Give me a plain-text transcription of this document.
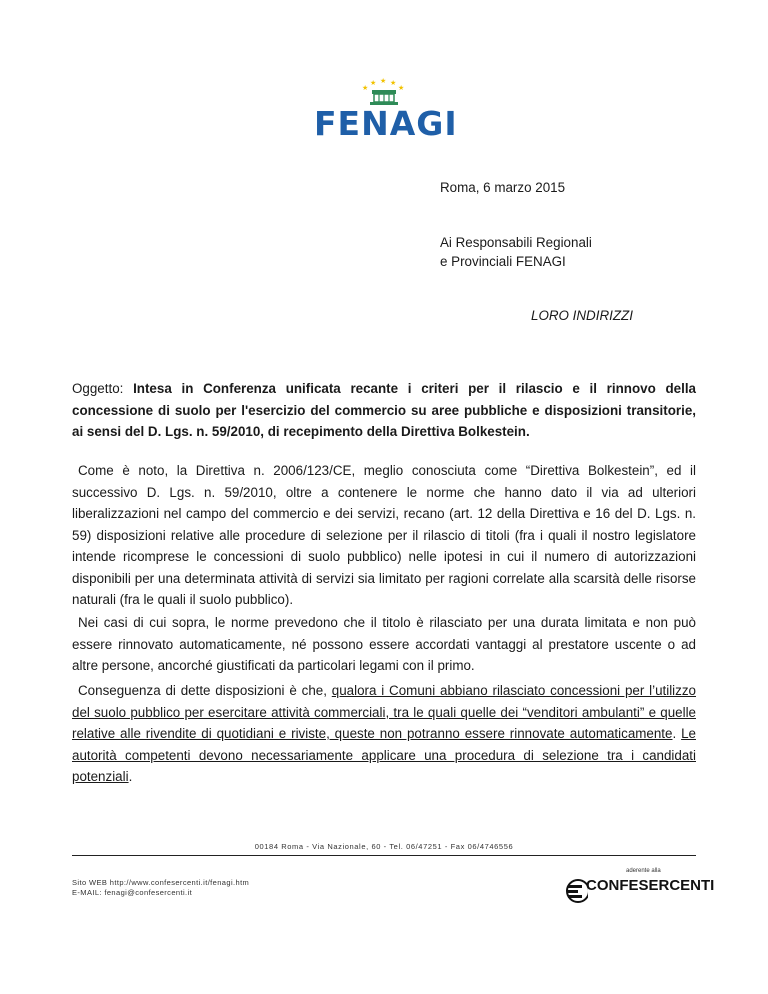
★
★ ★ ★
★
FENAGI
Roma, 6 marzo 2015
Ai Responsabili Regionali
e Provinciali FENAGI
LORO INDIRIZZI
Oggetto: Intesa in Conferenza unificata recante i criteri per il rilascio e il rinnovo della concessione di suolo per l'esercizio del commercio su aree pubbliche e disposizioni transitorie, ai sensi del D. Lgs. n. 59/2010, di recepimento della Direttiva Bolkestein.
Come è noto, la Direttiva n. 2006/123/CE, meglio conosciuta come “Direttiva Bolkestein”, ed il successivo D. Lgs. n. 59/2010, oltre a contenere le norme che hanno dato il via ad ulteriori liberalizzazioni nel campo del commercio e dei servizi, recano (art. 12 della Direttiva e 16 del D. Lgs. n. 59) disposizioni relative alle procedure di selezione per il rilascio di titoli (fra i quali il nostro legislatore intende ricomprese le concessioni di suolo pubblico) nelle ipotesi in cui il numero di autorizzazioni disponibili per una determinata attività di servizi sia limitato per ragioni correlate alla scarsità delle risorse naturali (fra le quali il suolo pubblico).
Nei casi di cui sopra, le norme prevedono che il titolo è rilasciato per una durata limitata e non può essere rinnovato automaticamente, né possono essere accordati vantaggi al prestatore uscente o ad altre persone, ancorché giustificati da particolari legami con il primo.
Conseguenza di dette disposizioni è che, qualora i Comuni abbiano rilasciato concessioni per l’utilizzo del suolo pubblico per esercitare attività commerciali, tra le quali quelle dei “venditori ambulanti” e quelle relative alle rivendite di quotidiani e riviste, queste non potranno essere rinnovate automaticamente. Le autorità competenti devono necessariamente applicare una procedura di selezione tra i candidati potenziali.
00184 Roma - Via Nazionale, 60 - Tel. 06/47251 - Fax 06/4746556
Sito WEB http://www.confesercenti.it/fenagi.htm
E-MAIL: fenagi@confesercenti.it
aderente alla
CONFESERCENTI
